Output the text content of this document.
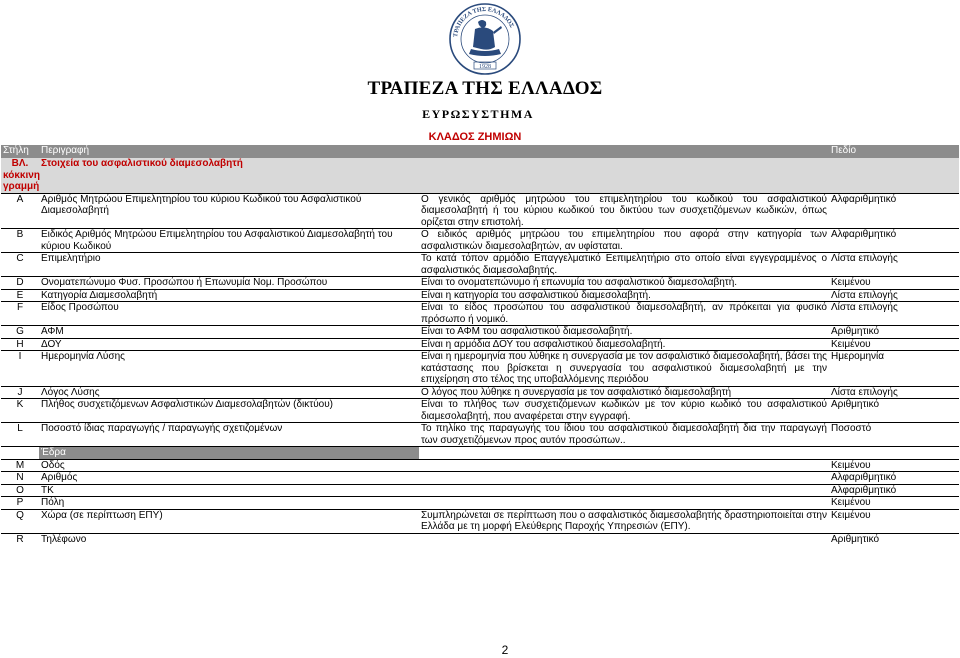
ΤΡΑΠΕΖΑ ΤΗΣ ΕΛΛΑΔΟΣ
1928
ΤΡΑΠΕΖΑ ΤΗΣ ΕΛΛΑΔΟΣ
ΕΥΡΩΣΥΣΤΗΜΑ
ΚΛΑΔΟΣ ΖΗΜΙΩΝ
Στήλη	Περιγραφή		Πεδίο
ΒΛ. κόκκινη γραμμή	Στοιχεία του ασφαλιστικού διαμεσολαβητή		
A	Αριθμός Μητρώου Επιμελητηρίου του κύριου Κωδικού του Ασφαλιστικού Διαμεσολαβητή	Ο γενικός αριθμός μητρώου του επιμελητηρίου του κωδικού του ασφαλιστικού διαμεσολαβητή ή του κύριου κωδικού του δικτύου των συσχετιζόμενων κωδικών, όπως ορίζεται στην επιστολή.	Αλφαριθμητικό
B	Ειδικός Αριθμός Μητρώου Επιμελητηρίου του Ασφαλιστικού Διαμεσολαβητή του κύριου Κωδικού	Ο ειδικός αριθμός μητρώου του επιμελητηρίου που αφορά στην κατηγορία των ασφαλιστικών διαμεσολαβητών, αν υφίσταται.	Αλφαριθμητικό
C	Επιμελητήριο	Το κατά τόπον αρμόδιο Επαγγελματικό Εεπιμελητήριο στο οποίο είναι εγγεγραμμένος ο ασφαλιστικός διαμεσολαβητής.	Λίστα επιλογής
D	Ονοματεπώνυμο Φυσ. Προσώπου ή Επωνυμία Νομ. Προσώπου	Είναι το ονοματεπώνυμο ή επωνυμία του ασφαλιστικού διαμεσολαβητή.	Κειμένου
E	Κατηγορία Διαμεσολαβητή	Είναι η κατηγορία του ασφαλιστικού διαμεσολαβητή.	Λίστα επιλογής
F	Είδος Προσώπου	Είναι το είδος προσώπου του ασφαλιστικού διαμεσολαβητή, αν πρόκειται για φυσικό πρόσωπο ή νομικό.	Λίστα επιλογής
G	ΑΦΜ	Είναι το ΑΦΜ του ασφαλιστικού διαμεσολαβητή.	Αριθμητικό
H	ΔΟΥ	Είναι η αρμόδια ΔΟΥ του ασφαλιστικού διαμεσολαβητή.	Κειμένου
I	Ημερομηνία Λύσης	Είναι η ημερομηνία που λύθηκε η συνεργασία με τον ασφαλιστικό διαμεσολαβητή, βάσει της κατάστασης που βρίσκεται η συνεργασία του ασφαλιστικού διαμεσολαβητή με την επιχείρηση στο τέλος της υποβαλλόμενης περιόδου	Ημερομηνία
J	Λόγος Λύσης	Ο λόγος που λύθηκε η συνεργασία με τον ασφαλιστικό διαμεσολαβητή	Λίστα επιλογής
K	Πλήθος συσχετιζόμενων Ασφαλιστικών Διαμεσολαβητών (δικτύου)	Είναι το πλήθος των συσχετιζόμενων κωδικών με τον κύριο κωδικό του ασφαλιστικού διαμεσολαβητή, που αναφέρεται στην εγγραφή.	Αριθμητικό
L	Ποσοστό ίδιας παραγωγής / παραγωγής σχετιζομένων	Το πηλίκο της παραγωγής του ίδιου του ασφαλιστικού διαμεσολαβητή δια την παραγωγή των συσχετιζόμενων προς αυτόν προσώπων..	Ποσοστό
	Έδρα		
M	Οδός		Κειμένου
N	Αριθμός		Αλφαριθμητικό
O	ΤΚ		Αλφαριθμητικό
P	Πόλη		Κειμένου
Q	Χώρα (σε περίπτωση ΕΠΥ)	Συμπληρώνεται σε περίπτωση που ο ασφαλιστικός διαμεσολαβητής δραστηριοποιείται στην Ελλάδα με τη μορφή Ελεύθερης Παροχής Υπηρεσιών (ΕΠΥ).	Κειμένου
R	Τηλέφωνο		Αριθμητικό
2
